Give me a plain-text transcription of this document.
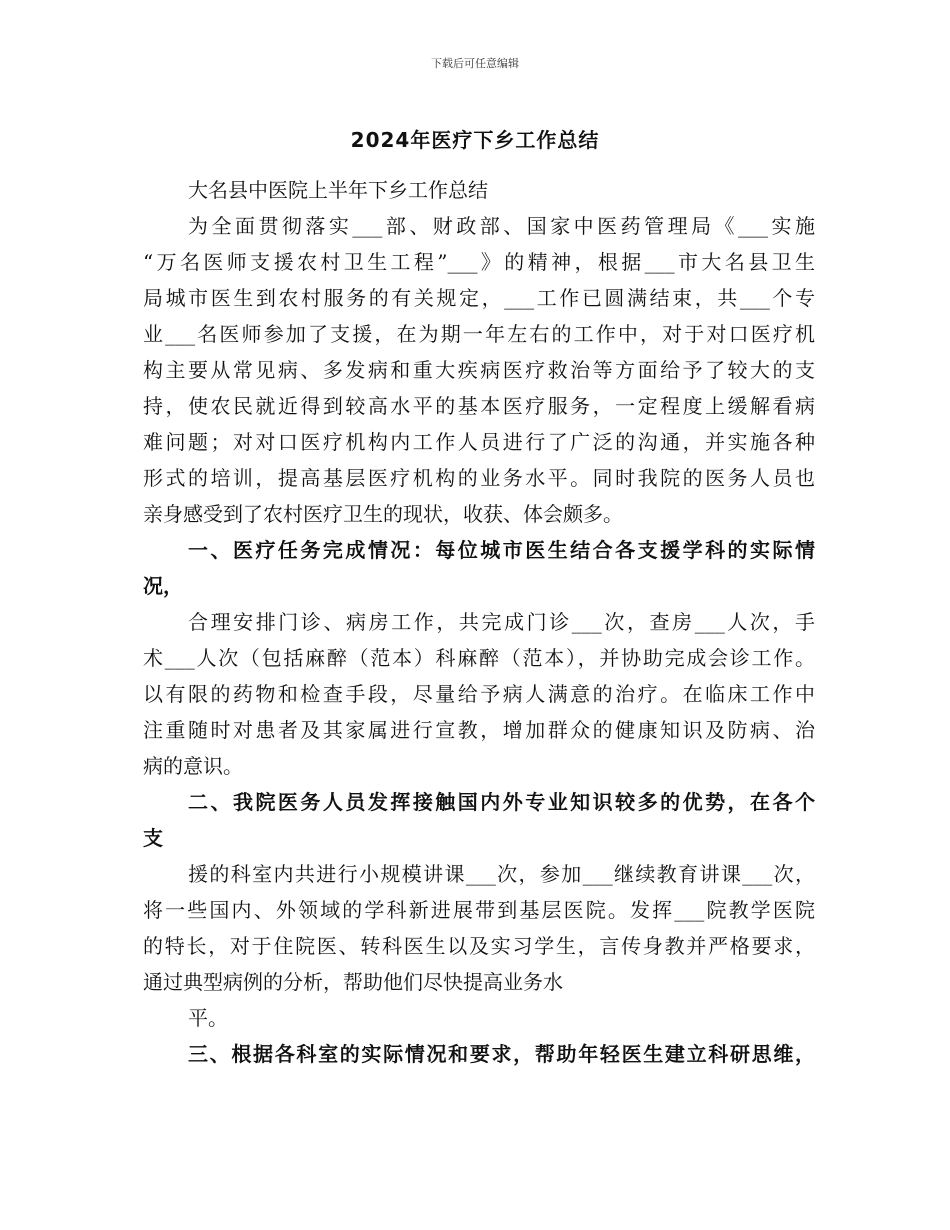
下载后可任意编辑
2024年医疗下乡工作总结
大名县中医院上半年下乡工作总结
为全面贯彻落实___部、财政部、国家中医药管理局《___实施
“万名医师支援农村卫生工程”___》的精神，根据___市大名县卫生
局城市医生到农村服务的有关规定，___工作已圆满结束，共___个专
业___名医师参加了支援，在为期一年左右的工作中，对于对口医疗机
构主要从常见病、多发病和重大疾病医疗救治等方面给予了较大的支
持，使农民就近得到较高水平的基本医疗服务，一定程度上缓解看病
难问题；对对口医疗机构内工作人员进行了广泛的沟通，并实施各种
形式的培训，提高基层医疗机构的业务水平。同时我院的医务人员也
亲身感受到了农村医疗卫生的现状，收获、体会颇多。
一、医疗任务完成情况：每位城市医生结合各支援学科的实际情
况，
合理安排门诊、病房工作，共完成门诊___次，查房___人次，手
术___人次（包括麻醉（范本）科麻醉（范本），并协助完成会诊工作。
以有限的药物和检查手段，尽量给予病人满意的治疗。在临床工作中
注重随时对患者及其家属进行宣教，增加群众的健康知识及防病、治
病的意识。
二、我院医务人员发挥接触国内外专业知识较多的优势，在各个
支
援的科室内共进行小规模讲课___次，参加___继续教育讲课___次，
将一些国内、外领域的学科新进展带到基层医院。发挥___院教学医院
的特长，对于住院医、转科医生以及实习学生，言传身教并严格要求，
通过典型病例的分析，帮助他们尽快提高业务水
平。
三、根据各科室的实际情况和要求，帮助年轻医生建立科研思维，
